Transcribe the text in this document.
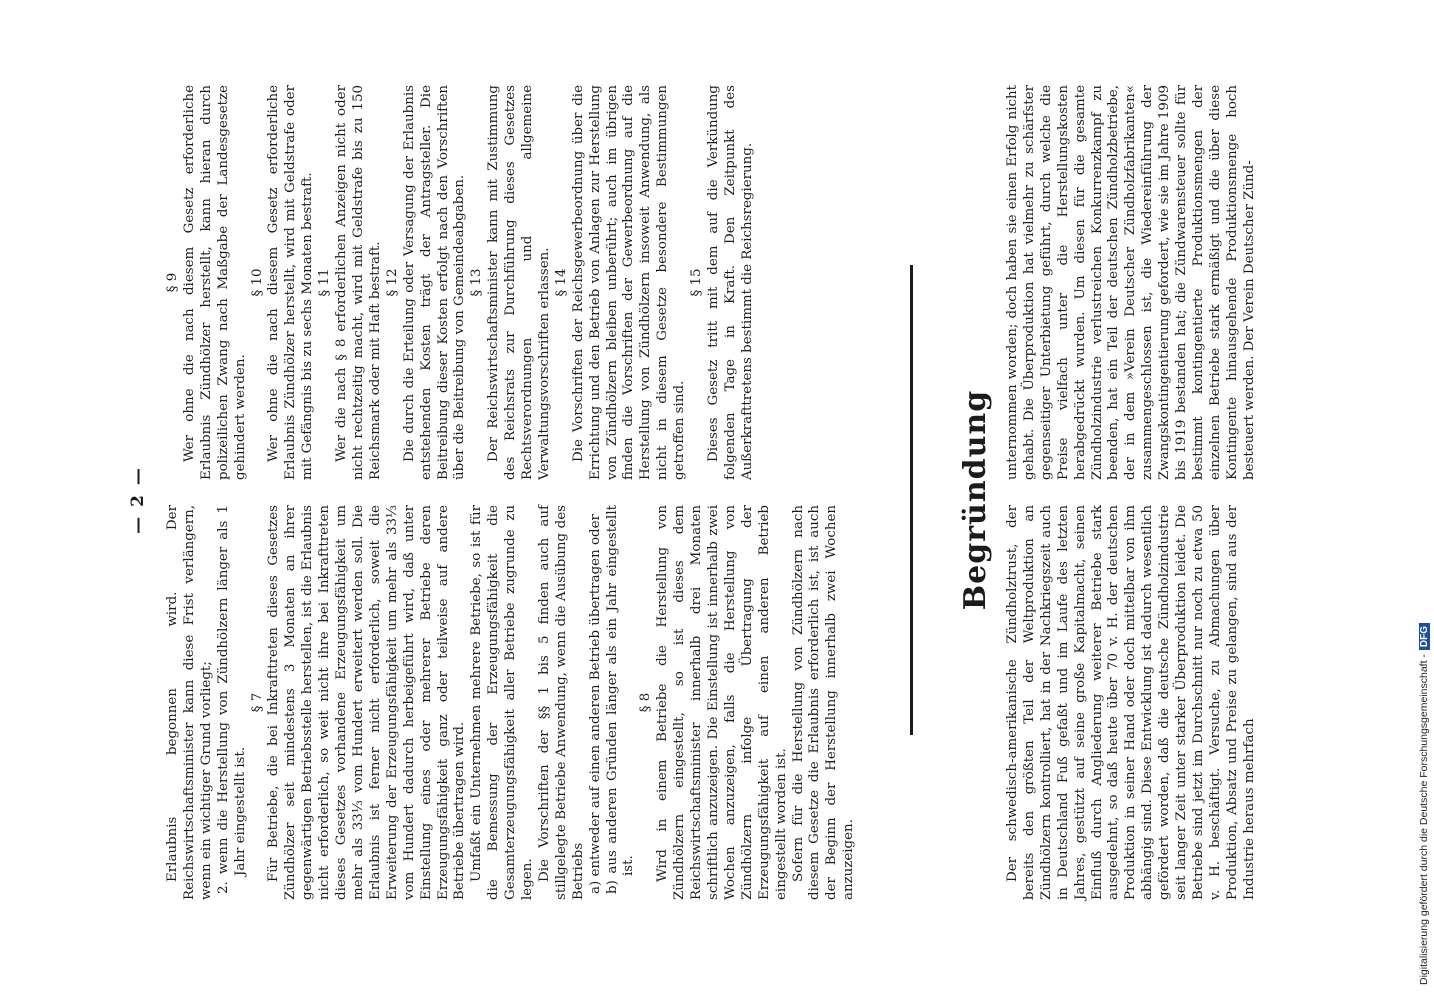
— 2 —

Erlaubnis begonnen wird. Der Reichswirtschaftsminister kann diese Frist verlängern, wenn ein wichtiger Grund vorliegt; 2. wenn die Herstellung von Zündhölzern länger als 1 Jahr eingestellt ist.

§ 7 Für Betriebe, die bei Inkrafttreten dieses Gesetzes Zündhölzer seit mindestens 3 Monaten an ihrer gegenwärtigen Betriebsstelle herstellen, ist die Erlaubnis nicht erforderlich, so weit nicht ihre bei Inkrafttreten dieses Gesetzes vorhandene Erzeugungsfähigkeit um mehr als 33⅓ vom Hundert erweitert werden soll. Die Erlaubnis ist ferner nicht erforderlich, soweit die Erweiterung der Erzeugungsfähigkeit um mehr als 33⅓ vom Hundert dadurch herbeigeführt wird, daß unter Einstellung eines oder mehrerer Betriebe deren Erzeugungsfähigkeit ganz oder teilweise auf andere Betriebe übertragen wird. Umfaßt ein Unternehmen mehrere Betriebe, so ist für die Bemessung der Erzeugungsfähigkeit die Gesamterzeugungsfähigkeit aller Betriebe zugrunde zu legen. Die Vorschriften der §§ 1 bis 5 finden auch auf stillgelegte Betriebe Anwendung, wenn die Ausübung des Betriebs a) entweder auf einen anderen Betrieb übertragen oder b) aus anderen Gründen länger als ein Jahr eingestellt ist.

§ 8 Wird in einem Betriebe die Herstellung von Zündhölzern eingestellt, so ist dieses dem Reichswirtschaftsminister innerhalb drei Monaten schriftlich anzuzeigen. Die Einstellung ist innerhalb zwei Wochen anzuzeigen, falls die Herstellung von Zündhölzern infolge Übertragung der Erzeugungsfähigkeit auf einen anderen Betrieb eingestellt worden ist. Sofern für die Herstellung von Zündhölzern nach diesem Gesetze die Erlaubnis erforderlich ist, ist auch der Beginn der Herstellung innerhalb zwei Wochen anzuzeigen.

§ 9 Wer ohne die nach diesem Gesetz erforderliche Erlaubnis Zündhölzer herstellt, kann hieran durch polizeilichen Zwang nach Maßgabe der Landesgesetze gehindert werden.

§ 10 Wer ohne die nach diesem Gesetz erforderliche Erlaubnis Zündhölzer herstellt, wird mit Geldstrafe oder mit Gefängnis bis zu sechs Monaten bestraft. § 11 Wer die nach § 8 erforderlichen Anzeigen nicht oder nicht rechtzeitig macht, wird mit Geldstrafe bis zu 150 Reichsmark oder mit Haft bestraft. § 12 Die durch die Erteilung oder Versagung der Erlaubnis entstehenden Kosten trägt der Antragsteller. Die Beitreibung dieser Kosten erfolgt nach den Vorschriften über die Beitreibung von Gemeindeabgaben. § 13 Der Reichswirtschaftsminister kann mit Zustimmung des Reichsrats zur Durchführung dieses Gesetzes Rechtsverordnungen und allgemeine Verwaltungsvorschriften erlassen. § 14 Die Vorschriften der Reichsgewerbeordnung über die Errichtung und den Betrieb von Anlagen zur Herstellung von Zündhölzern bleiben unberührt; auch im übrigen finden die Vorschriften der Gewerbeordnung auf die Herstellung von Zündhölzern insoweit Anwendung, als nicht in diesem Gesetze besondere Bestimmungen getroffen sind.

§ 15 Dieses Gesetz tritt mit dem auf die Verkündung folgenden Tage in Kraft. Den Zeitpunkt des Außerkrafttretens bestimmt die Reichsregierung.

Begründung

Der schwedisch-amerikanische Zündholztrust, der bereits den größten Teil der Weltproduktion an Zündhölzern kontrolliert, hat in der Nachkriegszeit auch in Deutschland Fuß gefaßt und im Laufe des letzten Jahres, gestützt auf seine große Kapitalmacht, seinen Einfluß durch Angliederung weiterer Betriebe stark ausgedehnt, so daß heute über 70 v. H. der deutschen Produktion in seiner Hand oder doch mittelbar von ihm abhängig sind. Diese Entwicklung ist dadurch wesentlich gefördert worden, daß die deutsche Zündholzindustrie seit langer Zeit unter starker Überproduktion leidet. Die Betriebe sind jetzt im Durchschnitt nur noch zu etwa 50 v. H. beschäftigt. Versuche, zu Abmachungen über Produktion, Absatz und Preise zu gelangen, sind aus der Industrie heraus mehrfach

unternommen worden; doch haben sie einen Erfolg nicht gehabt. Die Überproduktion hat vielmehr zu schärfster gegenseitiger Unterbietung geführt, durch welche die Preise vielfach unter die Herstellungskosten herabgedrückt wurden. Um diesen für die gesamte Zündholzindustrie verlustreichen Konkurrenzkampf zu beenden, hat ein Teil der deutschen Zündholzbetriebe, der in dem »Verein Deutscher Zündholzfabrikanten« zusammengeschlossen ist, die Wiedereinführung der Zwangskontingentierung gefordert, wie sie im Jahre 1909 bis 1919 bestanden hat; die Zündwarensteuer sollte für bestimmt kontingentierte Produktionsmengen der einzelnen Betriebe stark ermäßigt und die über diese Kontingente hinausgehende Produktionsmenge hoch besteuert werden. Der Verein Deutscher Zünd-

Digitalisierung gefördert durch die Deutsche Forschungsgemeinschaft -DFG
